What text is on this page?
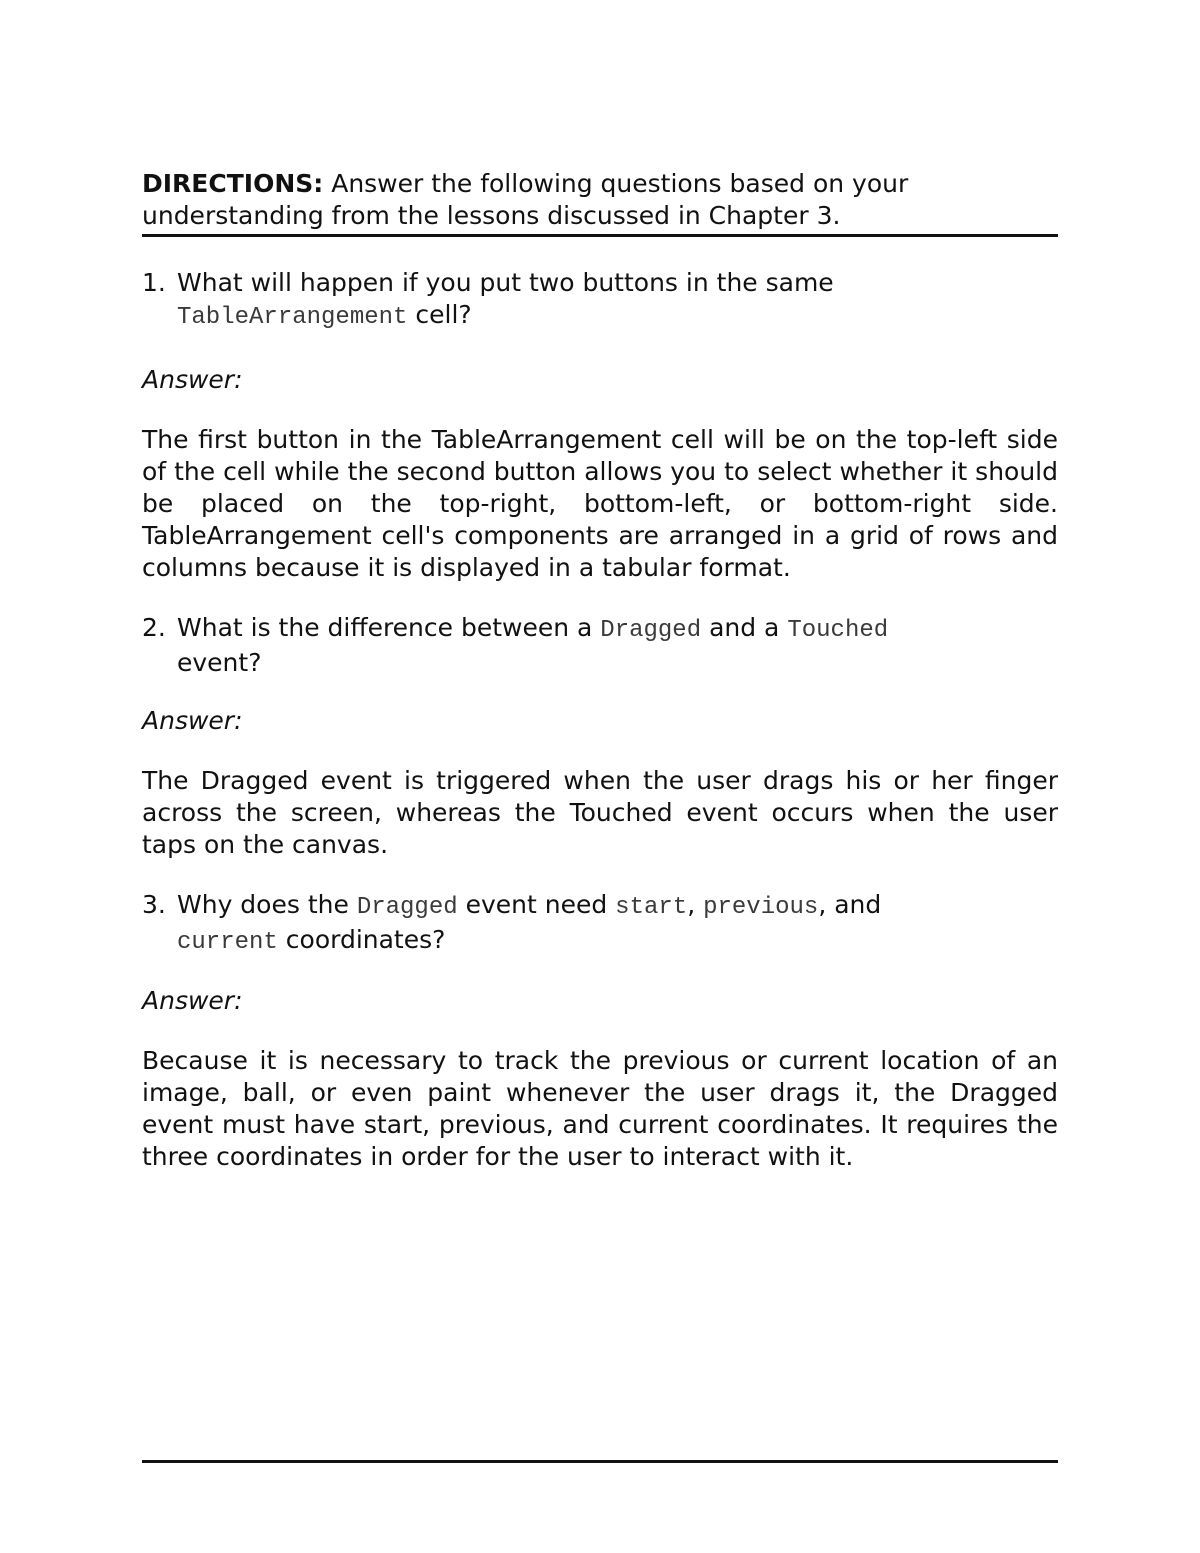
DIRECTIONS: Answer the following questions based on your understanding from the lessons discussed in Chapter 3.

1. What will happen if you put two buttons in the same
TableArrangement cell?

Answer:

The first button in the TableArrangement cell will be on the top-left side of the cell while the second button allows you to select whether it should be placed on the top-right, bottom-left, or bottom-right side. TableArrangement cell's components are arranged in a grid of rows and columns because it is displayed in a tabular format.

2. What is the difference between a Dragged and a Touched
event?

Answer:

The Dragged event is triggered when the user drags his or her finger across the screen, whereas the Touched event occurs when the user taps on the canvas.

3. Why does the Dragged event need start, previous, and
current coordinates?

Answer:

Because it is necessary to track the previous or current location of an image, ball, or even paint whenever the user drags it, the Dragged event must have start, previous, and current coordinates. It requires the three coordinates in order for the user to interact with it.
